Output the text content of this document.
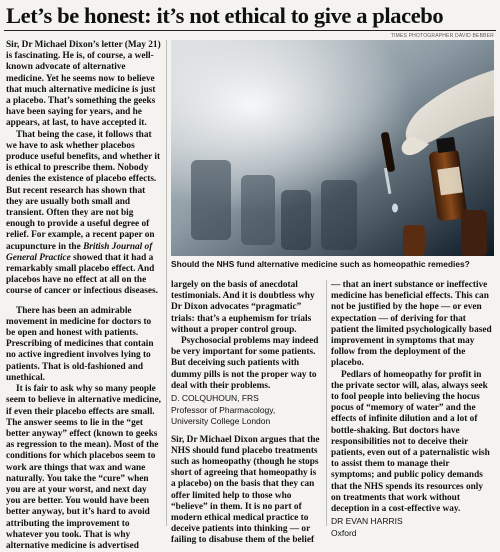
Let’s be honest: it’s not ethical to give a placebo

Sir, Dr Michael Dixon’s letter (May 21) is fascinating. He is, of course, a well-known advocate of alternative medicine. Yet he seems now to believe that much alternative medicine is just a placebo. That’s something the geeks have been saying for years, and he appears, at last, to have accepted it.

That being the case, it follows that we have to ask whether placebos produce useful benefits, and whether it is ethical to prescribe them. Nobody denies the existence of placebo effects. But recent research has shown that they are usually both small and transient. Often they are not big enough to provide a useful degree of relief. For example, a recent paper on acupuncture in the British Journal of General Practice showed that it had a remarkably small placebo effect. And placebos have no effect at all on the course of cancer or infectious diseases.

There has been an admirable movement in medicine for doctors to be open and honest with patients. Prescribing of medicines that contain no active ingredient involves lying to patients. That is old-fashioned and unethical.

It is fair to ask why so many people seem to believe in alternative medicine, if even their placebo effects are small. The answer seems to lie in the “get better anyway” effect (known to geeks as regression to the mean). Most of the conditions for which placebos seem to work are things that wax and wane naturally. You take the “cure” when you are at your worst, and next day you are better. You would have been better anyway, but it’s hard to avoid attributing the improvement to whatever you took. That is why alternative medicine is advertised

TIMES PHOTOGRAPHER DAVID BEBBER
Should the NHS fund alternative medicine such as homeopathic remedies?

largely on the basis of anecdotal testimonials. And it is doubtless why Dr Dixon advocates “pragmatic” trials: that’s a euphemism for trials without a proper control group.

Psychosocial problems may indeed be very important for some patients. But deceiving such patients with dummy pills is not the proper way to deal with their problems.

D. COLQUHOUN, FRS

Professor of Pharmacology,

University College London

Sir, Dr Michael Dixon argues that the NHS should fund placebo treatments such as homeopathy (though he stops short of agreeing that homeopathy is a placebo) on the basis that they can offer limited help to those who “believe” in them. It is no part of modern ethical medical practice to deceive patients into thinking — or failing to disabuse them of the belief

— that an inert substance or ineffective medicine has beneficial effects. This can not be justified by the hope — or even expectation — of deriving for that patient the limited psychologically based improvement in symptoms that may follow from the deployment of the placebo.

Pedlars of homeopathy for profit in the private sector will, alas, always seek to fool people into believing the hocus pocus of “memory of water” and the effects of infinite dilution and a lot of bottle-shaking. But doctors have responsibilities not to deceive their patients, even out of a paternalistic wish to assist them to manage their symptoms; and public policy demands that the NHS spends its resources only on treatments that work without deception in a cost-effective way.

DR EVAN HARRIS

Oxford
